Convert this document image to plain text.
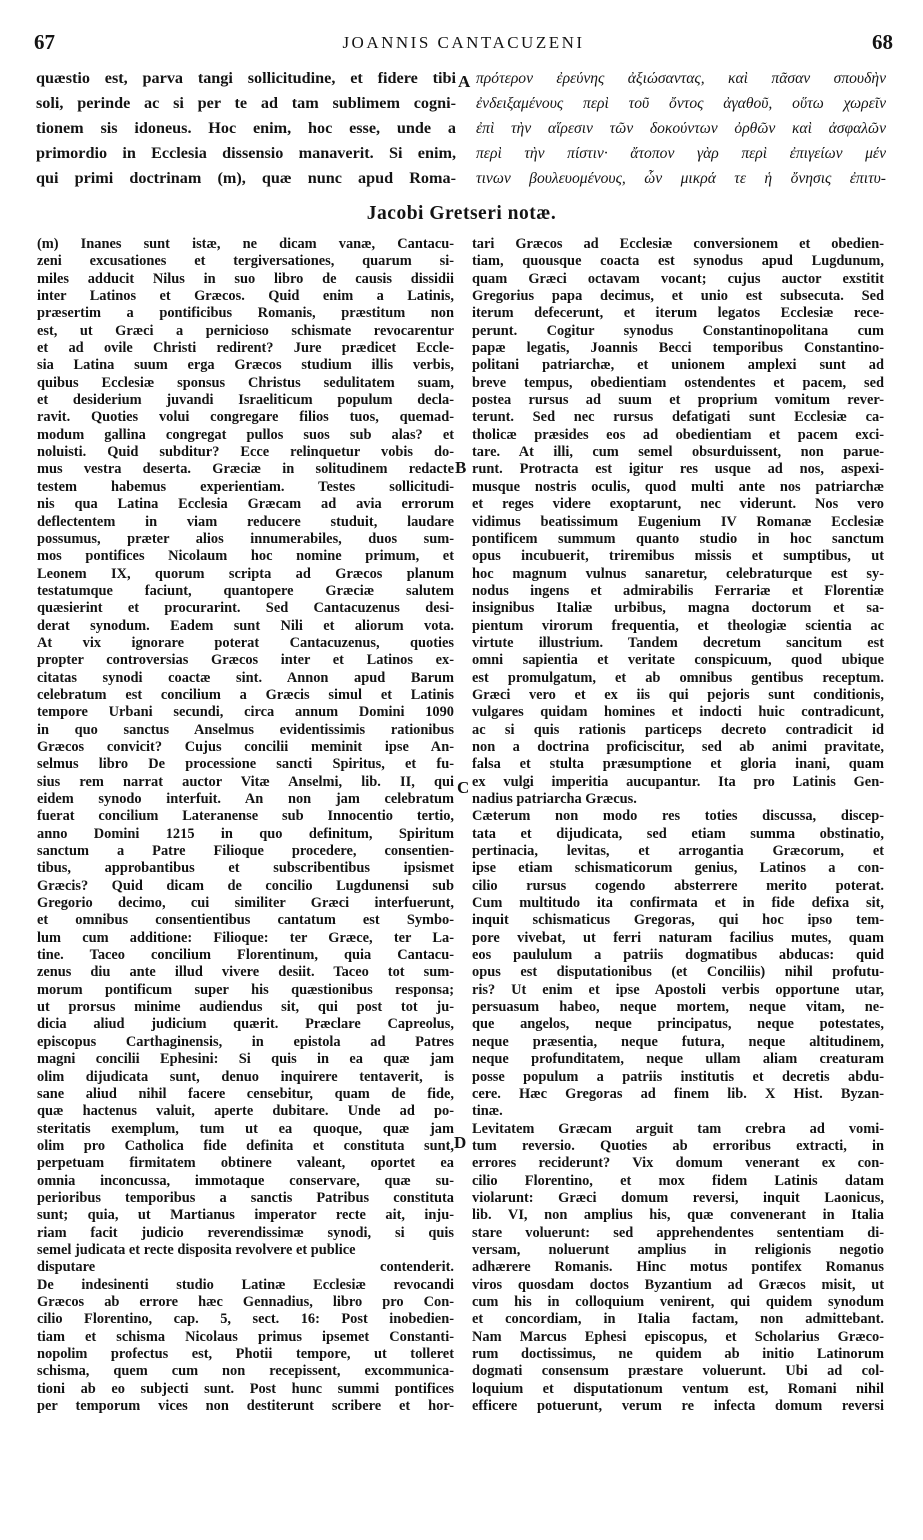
67	JOANNIS CANTACUZENI	68
quæstio est, parva tangi sollicitudine, et fidere tibi
soli, perinde ac si per te ad tam sublimem cogni-
tionem sis idoneus. Hoc enim, hoc esse, unde a
primordio in Ecclesia dissensio manaverit. Si enim,
qui primi doctrinam (m), quæ nunc apud Roma-
πρότερον ἐρεύνης ἀξιώσαντας, καὶ πᾶσαν σπουδὴν
ἐνδειξαμένους περὶ τοῦ ὄντος ἀγαθοῦ, οὕτω χωρεῖν
ἐπὶ τὴν αἵρεσιν τῶν δοκούντων ὀρθῶν καὶ ἀσφαλῶν
περὶ τὴν πίστιν· ἄτοπον γὰρ περὶ ἐπιγείων μέν
τινων βουλευομένους, ὧν μικρά τε ἡ ὄνησις ἐπιτυ-
Jacobi Gretseri notæ.
(m) Inanes sunt istæ, ne dicam vanæ, Cantacu-
zeni excusationes et tergiversationes, quarum si-
miles adducit Nilus in suo libro de causis dissidii
inter Latinos et Græcos. Quid enim a Latinis,
præsertim a pontificibus Romanis, præstitum non
est, ut Græci a pernicioso schismate revocarentur
et ad ovile Christi redirent? Jure prædicet Eccle-
sia Latina suum erga Græcos studium illis verbis,
quibus Ecclesiæ sponsus Christus sedulitatem suam,
et desiderium juvandi Israeliticum populum decla-
ravit. Quoties volui congregare filios tuos, quemad-
modum gallina congregat pullos suos sub alas? et
noluisti. Quid subditur? Ecce relinquetur vobis do-
mus vestra deserta. Græciæ in solitudinem redacte
testem habemus experientiam. Testes sollicitudi-
nis qua Latina Ecclesia Græcam ad avia errorum
deflectentem in viam reducere studuit, laudare
possumus, præter alios innumerabiles, duos sum-
mos pontifices Nicolaum hoc nomine primum, et
Leonem IX, quorum scripta ad Græcos planum
testatumque faciunt, quantopere Græciæ salutem
quæsierint et procurarint. Sed Cantacuzenus desi-
derat synodum. Eadem sunt Nili et aliorum vota.
At vix ignorare poterat Cantacuzenus, quoties
propter controversias Græcos inter et Latinos ex-
citatas synodi coactæ sint. Annon apud Barum
celebratum est concilium a Græcis simul et Latinis
tempore Urbani secundi, circa annum Domini 1090
in quo sanctus Anselmus evidentissimis rationibus
Græcos convicit? Cujus concilii meminit ipse An-
selmus libro De processione sancti Spiritus, et fu-
sius rem narrat auctor Vitæ Anselmi, lib. II, qui
eidem synodo interfuit. An non jam celebratum
fuerat concilium Lateranense sub Innocentio tertio,
anno Domini 1215 in quo definitum, Spiritum
sanctum a Patre Filioque procedere, consentien-
tibus, approbantibus et subscribentibus ipsismet
Græcis? Quid dicam de concilio Lugdunensi sub
Gregorio decimo, cui similiter Græci interfuerunt,
et omnibus consentientibus cantatum est Symbo-
lum cum additione: Filioque: ter Græce, ter La-
tine. Taceo concilium Florentinum, quia Cantacu-
zenus diu ante illud vivere desiit. Taceo tot sum-
morum pontificum super his quæstionibus responsa;
ut prorsus minime audiendus sit, qui post tot ju-
dicia aliud judicium quærit. Præclare Capreolus,
episcopus Carthaginensis, in epistola ad Patres
magni concilii Ephesini: Si quis in ea quæ jam
olim dijudicata sunt, denuo inquirere tentaverit, is
sane aliud nihil facere censebitur, quam de fide,
quæ hactenus valuit, aperte dubitare. Unde ad po-
steritatis exemplum, tum ut ea quoque, quæ jam
olim pro Catholica fide definita et constituta sunt,
perpetuam firmitatem obtinere valeant, oportet ea
omnia inconcussa, immotaque conservare, quæ su-
perioribus temporibus a sanctis Patribus constituta
sunt; quia, ut Martianus imperator recte ait, inju-
riam facit judicio reverendissimæ synodi, si quis
semel judicata et recte disposita revolvere et publice
disputare contenderit.
De indesinenti studio Latinæ Ecclesiæ revocandi
Græcos ab errore hæc Gennadius, libro pro Con-
cilio Florentino, cap. 5, sect. 16: Post inobedien-
tiam et schisma Nicolaus primus ipsemet Constanti-
nopolim profectus est, Photii tempore, ut tolleret
schisma, quem cum non recepissent, excommunica-
tioni ab eo subjecti sunt. Post hunc summi pontifices
per temporum vices non destiterunt scribere et hor-
tari Græcos ad Ecclesiæ conversionem et obedien-
tiam, quousque coacta est synodus apud Lugdunum,
quam Græci octavam vocant; cujus auctor exstitit
Gregorius papa decimus, et unio est subsecuta. Sed
iterum defecerunt, et iterum legatos Ecclesiæ rece-
perunt. Cogitur synodus Constantinopolitana cum
papæ legatis, Joannis Becci temporibus Constantino-
politani patriarchæ, et unionem amplexi sunt ad
breve tempus, obedientiam ostendentes et pacem, sed
postea rursus ad suum et proprium vomitum rever-
terunt. Sed nec rursus defatigati sunt Ecclesiæ ca-
tholicæ præsides eos ad obedientiam et pacem exci-
tare. At illi, cum semel obsurduissent, non parue-
runt. Protracta est igitur res usque ad nos, aspexi-
musque nostris oculis, quod multi ante nos patriarchæ
et reges videre exoptarunt, nec viderunt. Nos vero
vidimus beatissimum Eugenium IV Romanæ Ecclesiæ
pontificem summum quanto studio in hoc sanctum
opus incubuerit, triremibus missis et sumptibus, ut
hoc magnum vulnus sanaretur, celebraturque est sy-
nodus ingens et admirabilis Ferrariæ et Florentiæ
insignibus Italiæ urbibus, magna doctorum et sa-
pientum virorum frequentia, et theologiæ scientia ac
virtute illustrium. Tandem decretum sancitum est
omni sapientia et veritate conspicuum, quod ubique
est promulgatum, et ab omnibus gentibus receptum.
Græci vero et ex iis qui pejoris sunt conditionis,
vulgares quidam homines et indocti huic contradicunt,
ac si quis rationis particeps decreto contradicit id
non a doctrina proficiscitur, sed ab animi pravitate,
falsa et stulta præsumptione et gloria inani, quam
ex vulgi imperitia aucupantur. Ita pro Latinis Gen-
nadius patriarcha Græcus.
Cæterum non modo res toties discussa, discep-
tata et dijudicata, sed etiam summa obstinatio,
pertinacia, levitas, et arrogantia Græcorum, et
ipse etiam schismaticorum genius, Latinos a con-
cilio rursus cogendo absterrere merito poterat.
Cum multitudo ita confirmata et in fide defixa sit,
inquit schismaticus Gregoras, qui hoc ipso tem-
pore vivebat, ut ferri naturam facilius mutes, quam
eos paululum a patriis dogmatibus abducas: quid
opus est disputationibus (et Conciliis) nihil profutu-
ris? Ut enim et ipse Apostoli verbis opportune utar,
persuasum habeo, neque mortem, neque vitam, ne-
que angelos, neque principatus, neque potestates,
neque præsentia, neque futura, neque altitudinem,
neque profunditatem, neque ullam aliam creaturam
posse populum a patriis institutis et decretis abdu-
cere. Hæc Gregoras ad finem lib. X Hist. Byzan-
tinæ.
Levitatem Græcam arguit tam crebra ad vomi-
tum reversio. Quoties ab erroribus extracti, in
errores reciderunt? Vix domum venerant ex con-
cilio Florentino, et mox fidem Latinis datam
violarunt: Græci domum reversi, inquit Laonicus,
lib. VI, non amplius his, quæ convenerant in Italia
stare voluerunt: sed apprehendentes sententiam di-
versam, noluerunt amplius in religionis negotio
adhærere Romanis. Hinc motus pontifex Romanus
viros quosdam doctos Byzantium ad Græcos misit, ut
cum his in colloquium venirent, qui quidem synodum
et concordiam, in Italia factam, non admittebant.
Nam Marcus Ephesi episcopus, et Scholarius Græco-
rum doctissimus, ne quidem ab initio Latinorum
dogmati consensum præstare voluerunt. Ubi ad col-
loquium et disputationum ventum est, Romani nihil
efficere potuerunt, verum re infecta domum reversi
A
B
C
D
